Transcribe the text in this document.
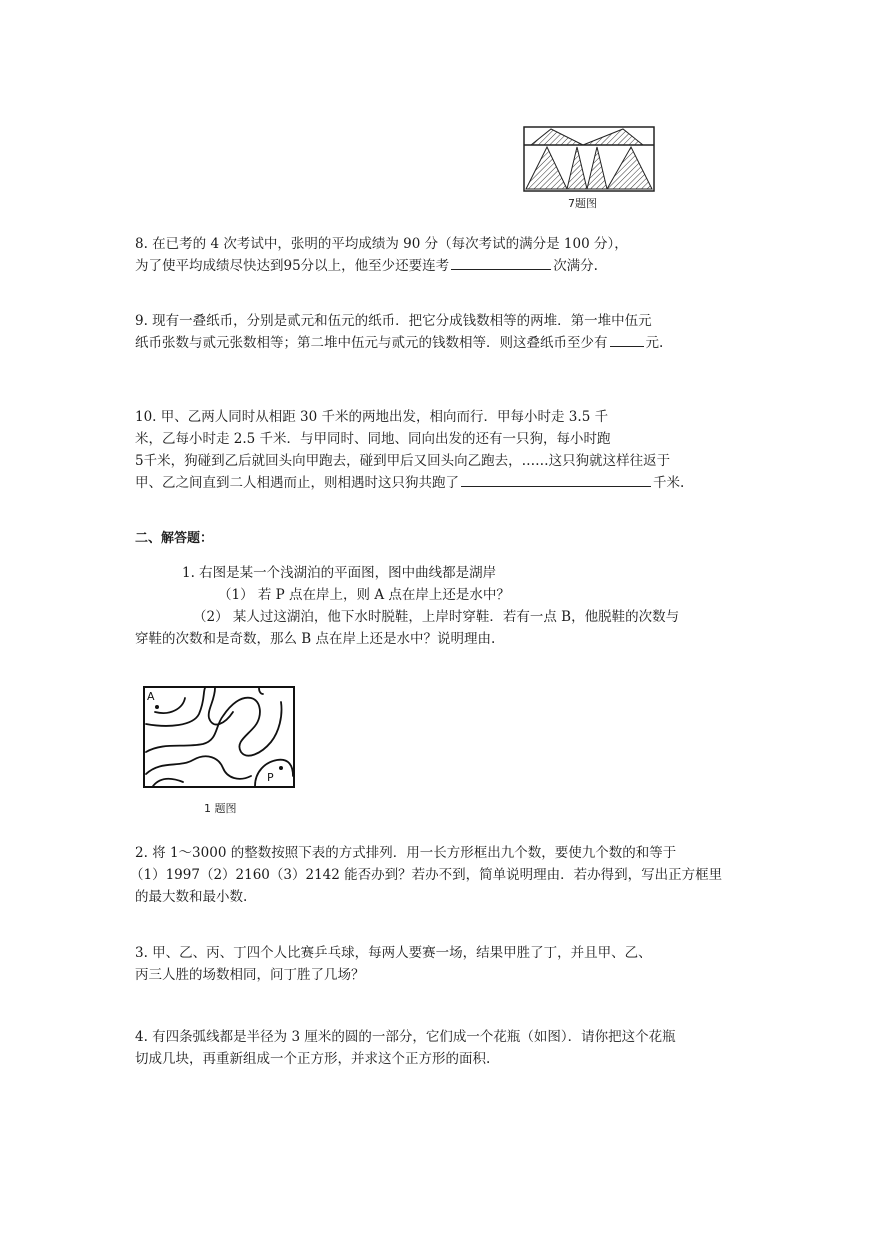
7题图
8. 在已考的 4 次考试中，张明的平均成绩为 90 分（每次考试的满分是 100 分），
为了使平均成绩尽快达到95分以上，他至少还要连考	次满分.
9. 现有一叠纸币，分别是贰元和伍元的纸币．把它分成钱数相等的两堆．第一堆中伍元
纸币张数与贰元张数相等；第二堆中伍元与贰元的钱数相等．则这叠纸币至少有	元.
10. 甲、乙两人同时从相距 30 千米的两地出发，相向而行．甲每小时走 3.5 千
米，乙每小时走 2.5 千米．与甲同时、同地、同向出发的还有一只狗，每小时跑
5千米，狗碰到乙后就回头向甲跑去，碰到甲后又回头向乙跑去，……这只狗就这样往返于
甲、乙之间直到二人相遇而止，则相遇时这只狗共跑了	千米.
二、解答题：
1. 右图是某一个浅湖泊的平面图，图中曲线都是湖岸
（1） 若 P 点在岸上，则 A 点在岸上还是水中？
（2） 某人过这湖泊，他下水时脱鞋，上岸时穿鞋．若有一点 B，他脱鞋的次数与
穿鞋的次数和是奇数，那么 B 点在岸上还是水中？说明理由.
A
P
1 题图
2. 将 1～3000 的整数按照下表的方式排列．用一长方形框出九个数，要使九个数的和等于
（1）1997（2）2160（3）2142 能否办到？若办不到，简单说明理由．若办得到，写出正方框里
的最大数和最小数.
3. 甲、乙、丙、丁四个人比赛乒乓球，每两人要赛一场，结果甲胜了丁，并且甲、乙、
丙三人胜的场数相同，问丁胜了几场？
4. 有四条弧线都是半径为 3 厘米的圆的一部分，它们成一个花瓶（如图）．请你把这个花瓶
切成几块，再重新组成一个正方形，并求这个正方形的面积.
